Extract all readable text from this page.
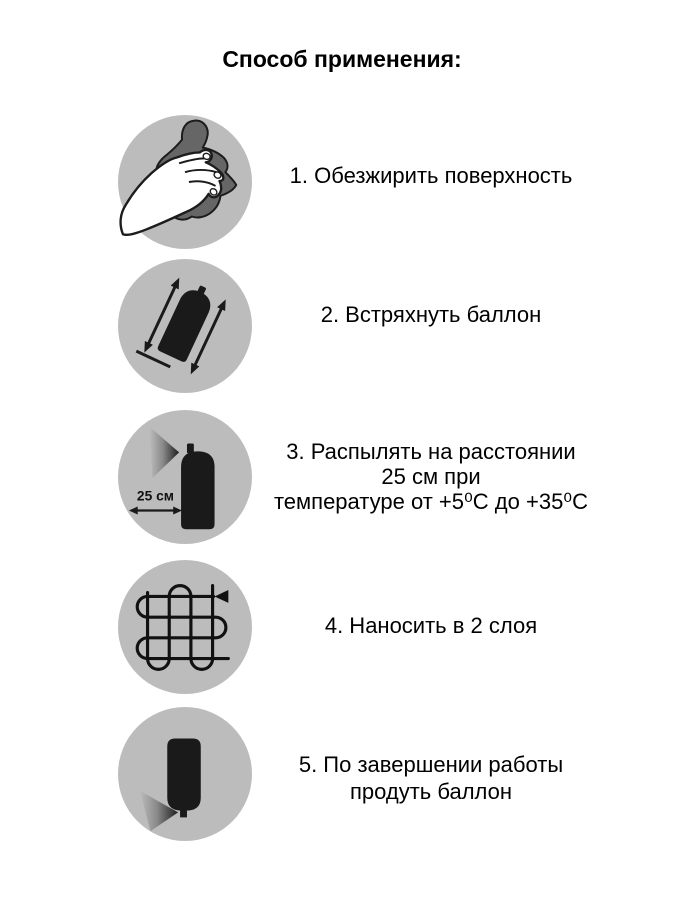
Способ применения:
1. Обезжирить поверхность
2. Встряхнуть баллон
25 см
3. Распылять на расстоянии
25 см при
температуре от +5⁰С до +35⁰С
4. Наносить в 2 слоя
5. По завершении работы
продуть баллон
